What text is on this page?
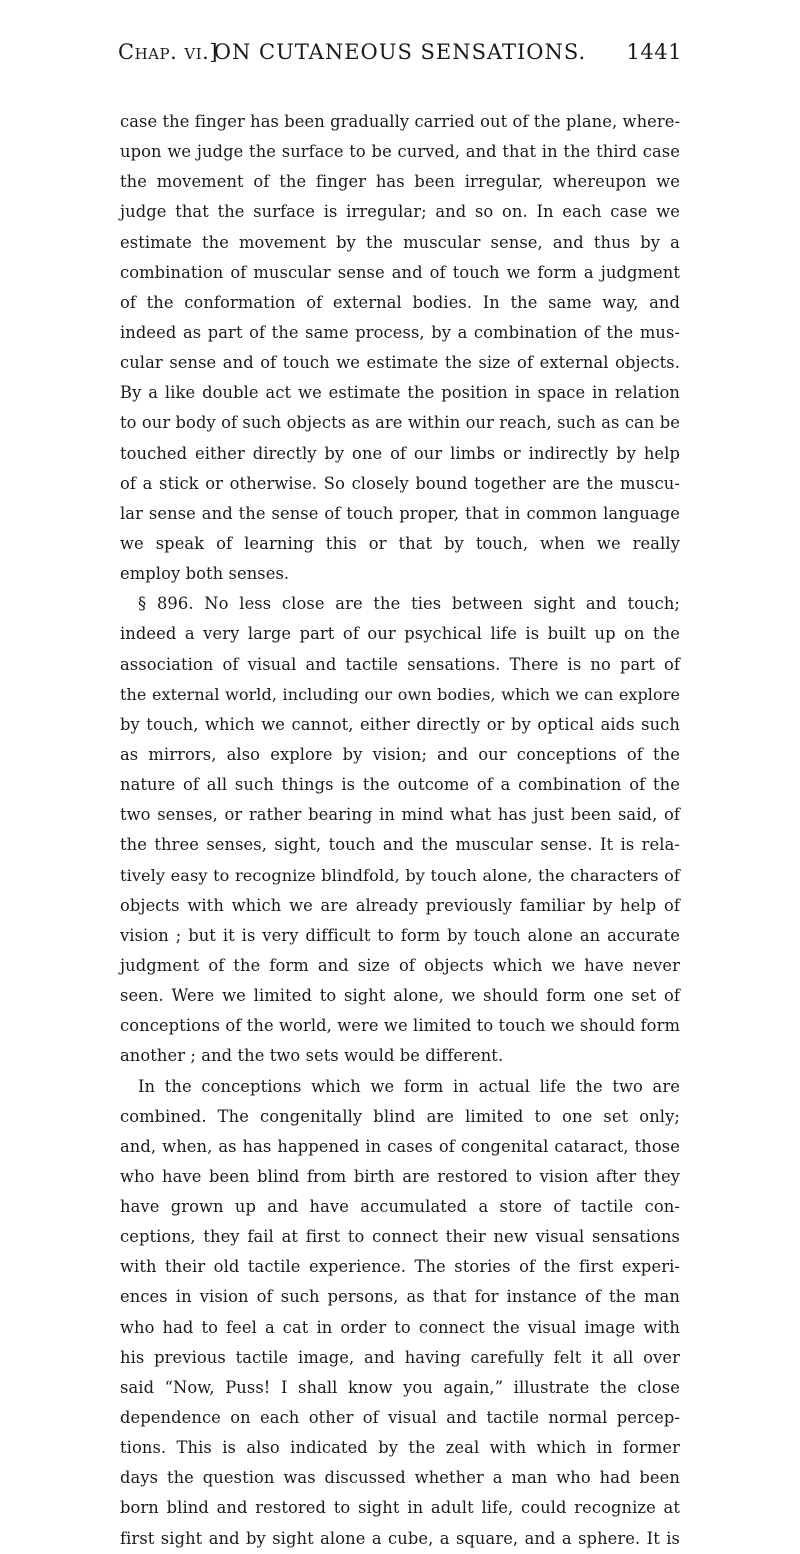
Chap. vi.]
ON CUTANEOUS SENSATIONS.	1441
case the finger has been gradually carried out of the plane, where-
upon we judge the surface to be curved, and that in the third case
the movement of the finger has been irregular, whereupon we
judge that the surface is irregular; and so on. In each case we
estimate the movement by the muscular sense, and thus by a
combination of muscular sense and of touch we form a judgment
of the conformation of external bodies. In the same way, and
indeed as part of the same process, by a combination of the mus-
cular sense and of touch we estimate the size of external objects.
By a like double act we estimate the position in space in relation
to our body of such objects as are within our reach, such as can be
touched either directly by one of our limbs or indirectly by help
of a stick or otherwise. So closely bound together are the muscu-
lar sense and the sense of touch proper, that in common language
we speak of learning this or that by touch, when we really
employ both senses.
§ 896. No less close are the ties between sight and touch;
indeed a very large part of our psychical life is built up on the
association of visual and tactile sensations. There is no part of
the external world, including our own bodies, which we can explore
by touch, which we cannot, either directly or by optical aids such
as mirrors, also explore by vision; and our conceptions of the
nature of all such things is the outcome of a combination of the
two senses, or rather bearing in mind what has just been said, of
the three senses, sight, touch and the muscular sense. It is rela-
tively easy to recognize blindfold, by touch alone, the characters of
objects with which we are already previously familiar by help of
vision ; but it is very difficult to form by touch alone an accurate
judgment of the form and size of objects which we have never
seen. Were we limited to sight alone, we should form one set of
conceptions of the world, were we limited to touch we should form
another ; and the two sets would be different.
In the conceptions which we form in actual life the two are
combined. The congenitally blind are limited to one set only;
and, when, as has happened in cases of congenital cataract, those
who have been blind from birth are restored to vision after they
have grown up and have accumulated a store of tactile con-
ceptions, they fail at first to connect their new visual sensations
with their old tactile experience. The stories of the first experi-
ences in vision of such persons, as that for instance of the man
who had to feel a cat in order to connect the visual image with
his previous tactile image, and having carefully felt it all over
said “Now, Puss! I shall know you again,” illustrate the close
dependence on each other of visual and tactile normal percep-
tions. This is also indicated by the zeal with which in former
days the question was discussed whether a man who had been
born blind and restored to sight in adult life, could recognize at
first sight and by sight alone a cube, a square, and a sphere. It is
